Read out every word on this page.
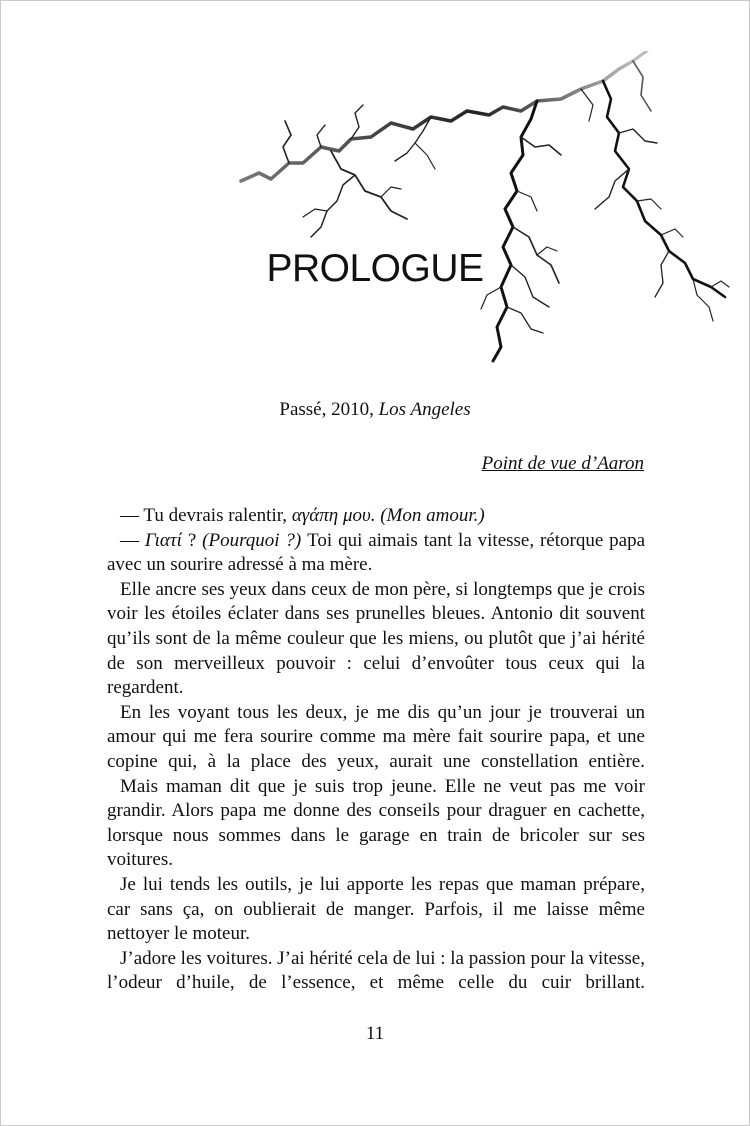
PROLOGUE

Passé, 2010, Los Angeles

Point de vue d’Aaron

— Tu devrais ralentir, αγάπη μου. (Mon amour.)

— Γιατί ? (Pourquoi ?) Toi qui aimais tant la vitesse, rétorque papa avec un sourire adressé à ma mère.

Elle ancre ses yeux dans ceux de mon père, si longtemps que je crois voir les étoiles éclater dans ses prunelles bleues. Antonio dit souvent qu’ils sont de la même couleur que les miens, ou plutôt que j’ai hérité de son merveilleux pouvoir : celui d’envoûter tous ceux qui la regardent.

En les voyant tous les deux, je me dis qu’un jour je trouverai un amour qui me fera sourire comme ma mère fait sourire papa, et une copine qui, à la place des yeux, aurait une constellation entière.

Mais maman dit que je suis trop jeune. Elle ne veut pas me voir grandir. Alors papa me donne des conseils pour draguer en cachette, lorsque nous sommes dans le garage en train de bricoler sur ses voitures.

Je lui tends les outils, je lui apporte les repas que maman prépare, car sans ça, on oublierait de manger. Parfois, il me laisse même nettoyer le moteur.

J’adore les voitures. J’ai hérité cela de lui : la passion pour la vitesse, l’odeur d’huile, de l’essence, et même celle du cuir brillant.

11
